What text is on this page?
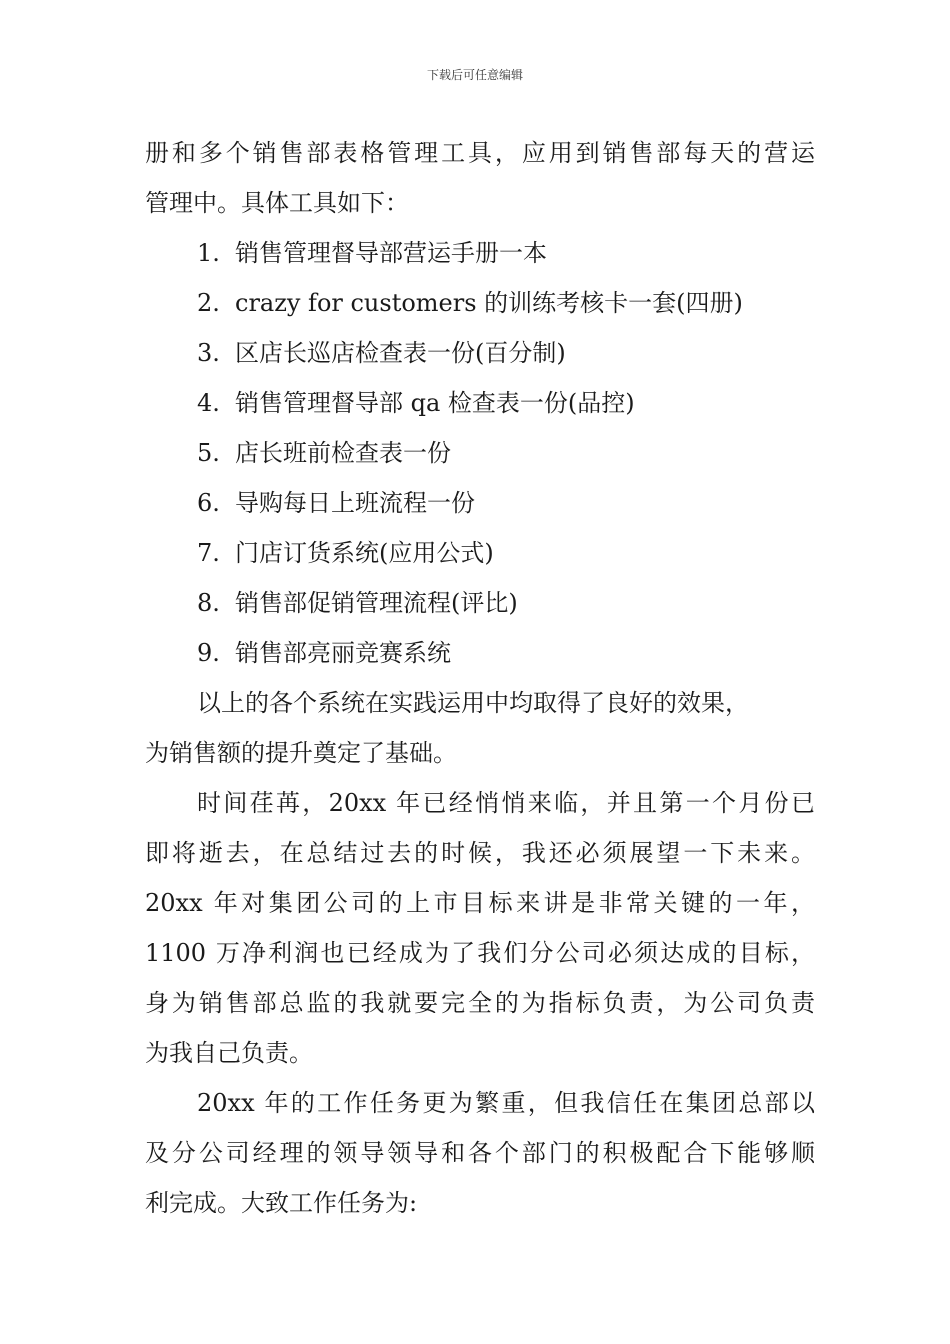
下载后可任意编辑
册和多个销售部表格管理工具，应用到销售部每天的营运
管理中。具体工具如下：
1. 销售管理督导部营运手册一本
2. crazy for customers 的训练考核卡一套(四册)
3. 区店长巡店检查表一份(百分制)
4. 销售管理督导部 qa 检查表一份(品控)
5. 店长班前检查表一份
6. 导购每日上班流程一份
7. 门店订货系统(应用公式)
8. 销售部促销管理流程(评比)
9. 销售部亮丽竞赛系统
以上的各个系统在实践运用中均取得了良好的效果，
为销售额的提升奠定了基础。
时间荏苒，20xx 年已经悄悄来临，并且第一个月份已
即将逝去，在总结过去的时候，我还必须展望一下未来。
20xx 年对集团公司的上市目标来讲是非常关键的一年，
1100 万净利润也已经成为了我们分公司必须达成的目标，
身为销售部总监的我就要完全的为指标负责，为公司负责
为我自己负责。
20xx 年的工作任务更为繁重，但我信任在集团总部以
及分公司经理的领导领导和各个部门的积极配合下能够顺
利完成。大致工作任务为:
